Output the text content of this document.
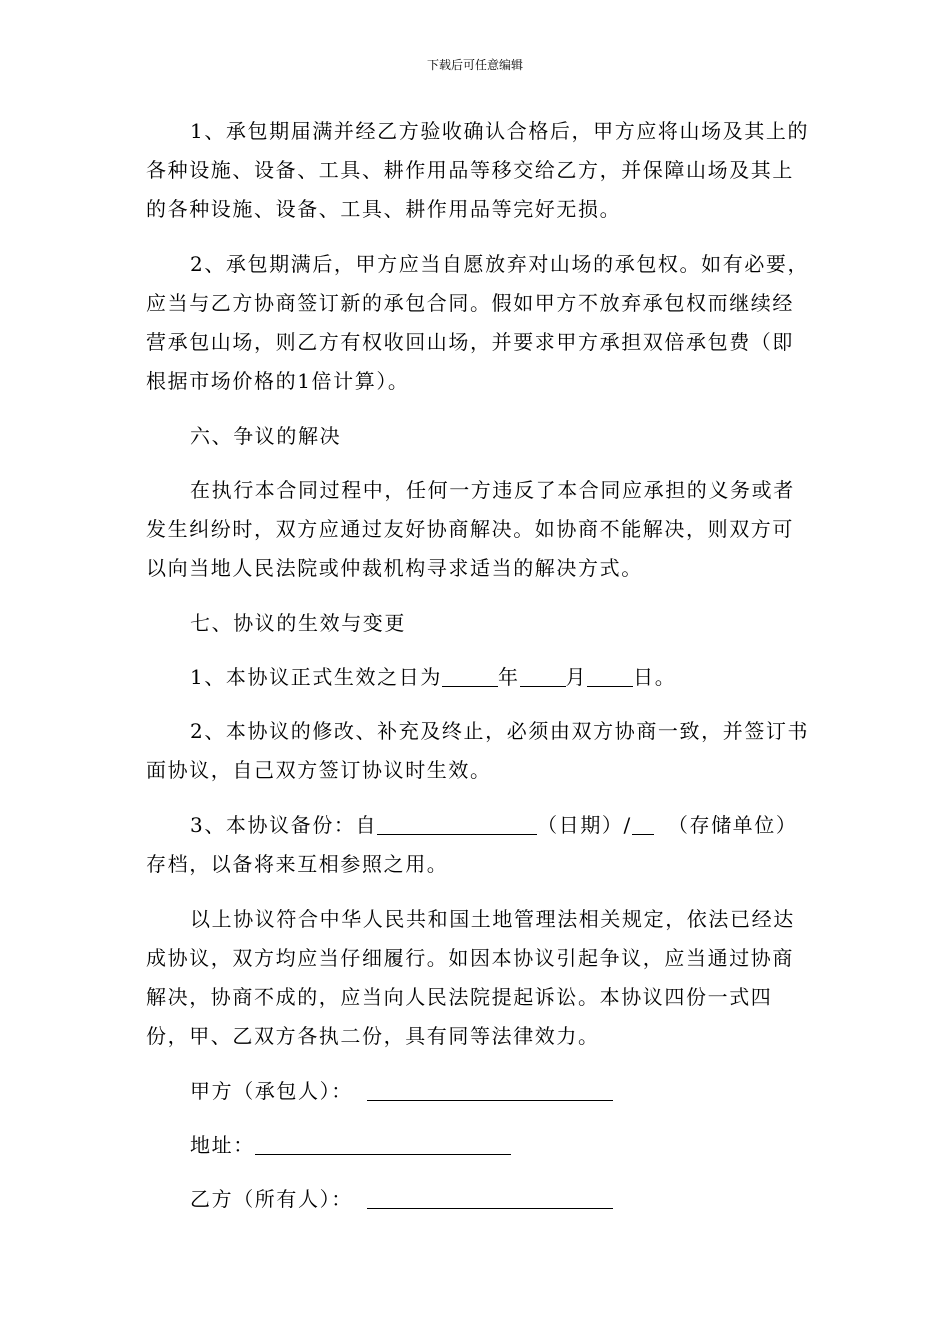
下载后可任意编辑

1、承包期届满并经乙方验收确认合格后，甲方应将山场及其上的各种设施、设备、工具、耕作用品等移交给乙方，并保障山场及其上的各种设施、设备、工具、耕作用品等完好无损。

2、承包期满后，甲方应当自愿放弃对山场的承包权。如有必要，应当与乙方协商签订新的承包合同。假如甲方不放弃承包权而继续经营承包山场，则乙方有权收回山场，并要求甲方承担双倍承包费（即根据市场价格的1倍计算）。

六、争议的解决

在执行本合同过程中，任何一方违反了本合同应承担的义务或者发生纠纷时，双方应通过友好协商解决。如协商不能解决，则双方可以向当地人民法院或仲裁机构寻求适当的解决方式。

七、协议的生效与变更

1、本协议正式生效之日为	年 月 日。

2、本协议的修改、补充及终止，必须由双方协商一致，并签订书面协议，自己双方签订协议时生效。

3、本协议备份：自	（日期）/ （存储单位）存档，以备将来互相参照之用。

以上协议符合中华人民共和国土地管理法相关规定，依法已经达成协议，双方均应当仔细履行。如因本协议引起争议，应当通过协商解决，协商不成的，应当向人民法院提起诉讼。本协议四份一式四份，甲、乙双方各执二份，具有同等法律效力。

甲方（承包人）：
地址：
乙方（所有人）：
